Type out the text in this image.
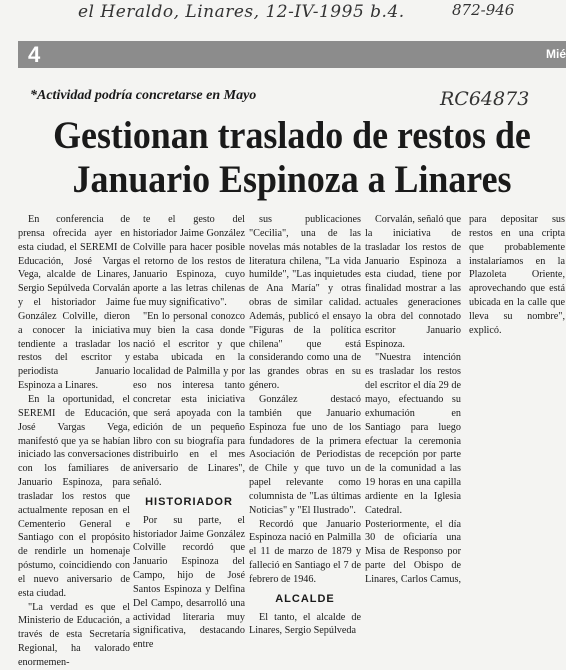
el Heraldo, Linares, 12-IV-1995 b.4.	872-946
4	Mié
*Actividad podría concretarse en Mayo	RC64873
Gestionan traslado de restos de Januario Espinoza a Linares

En conferencia de prensa ofrecida ayer en esta ciudad, el SEREMI de Educación, José Vargas Vega, alcalde de Linares, Sergio Sepúlveda Corvalán y el historiador Jaime González Colville, dieron a conocer la iniciativa tendiente a trasladar los restos del escritor y periodista Januario Espinoza a Linares.

En la oportunidad, el SEREMI de Educación, José Vargas Vega, manifestó que ya se habían iniciado las conversaciones con los familiares de Januario Espinoza, para trasladar los restos que actualmente reposan en el Cementerio General e Santiago con el propósito de rendirle un homenaje póstumo, coincidiendo con el nuevo aniversario de esta ciudad.

"La verdad es que el Ministerio de Educación, a través de esta Secretaría Regional, ha valorado enormemen-

te el gesto del historiador Jaime González Colville para hacer posible el retorno de los restos de Januario Espinoza, cuyo aporte a las letras chilenas fue muy significativo".

"En lo personal conozco muy bien la casa donde nació el escritor y que estaba ubicada en la localidad de Palmilla y por eso nos interesa tanto concretar esta iniciativa que será apoyada con la edición de un pequeño libro con su biografía para distribuirlo en el mes aniversario de Linares", señaló.

HISTORIADOR

Por su parte, el historiador Jaime González Colville recordó que Januario Espinoza del Campo, hijo de José Santos Espinoza y Delfina Del Campo, desarrolló una actividad literaria muy significativa, destacando entre

sus publicaciones "Cecilia", una de las novelas más notables de la literatura chilena, "La vida humilde", "Las inquietudes de Ana María" y otras obras de similar calidad. Además, publicó el ensayo "Figuras de la política chilena" que está considerando como una de las grandes obras en su género.

González destacó también que Januario Espinoza fue uno de los fundadores de la primera Asociación de Periodistas de Chile y que tuvo un papel relevante como columnista de "Las últimas Noticias" y "El Ilustrado".

Recordó que Januario Espinoza nació en Palmilla el 11 de marzo de 1879 y falleció en Santiago el 7 de febrero de 1946.

ALCALDE

El tanto, el alcalde de Linares, Sergio Sepúlveda

Corvalán, señaló que la iniciativa de trasladar los restos de Januario Espinoza a esta ciudad, tiene por finalidad mostrar a las actuales generaciones la obra del connotado escritor Januario Espinoza.

"Nuestra intención es trasladar los restos del escritor el día 29 de mayo, efectuando su exhumación en Santiago para luego efectuar la ceremonia de recepción por parte de la comunidad a las 19 horas en una capilla ardiente en la Iglesia Catedral. Posteriormente, el día 30 de oficiaría una Misa de Responso por parte del Obispo de Linares, Carlos Camus, para depositar sus restos en una cripta que probablemente instalaríamos en la Plazoleta Oriente, aprovechando que está ubicada en la calle que lleva su nombre", explicó.
